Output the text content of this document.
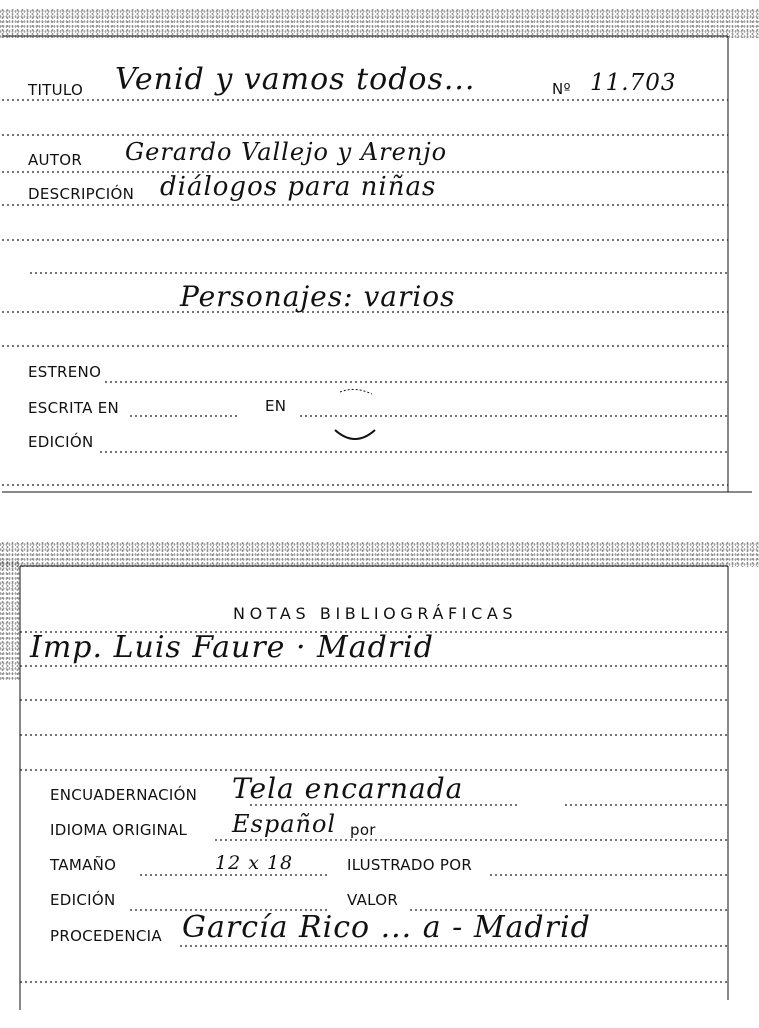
TITULO Venid y vamos todos...	Nº 11.703
AUTOR Gerardo Vallejo y Arenjo
DESCRIPCIÓN diálogos para niñas
Personajes: varios
ESTRENO
ESCRITA EN	EN
EDICIÓN
NOTAS BIBLIOGRÁFICAS
Imp. Luis Faure · Madrid
ENCUADERNACIÓN Tela encarnada
IDIOMA ORIGINAL Español por
TAMAÑO	12 x 18	ILUSTRADO POR
EDICIÓN	VALOR
PROCEDENCIA García Rico ... a - Madrid
